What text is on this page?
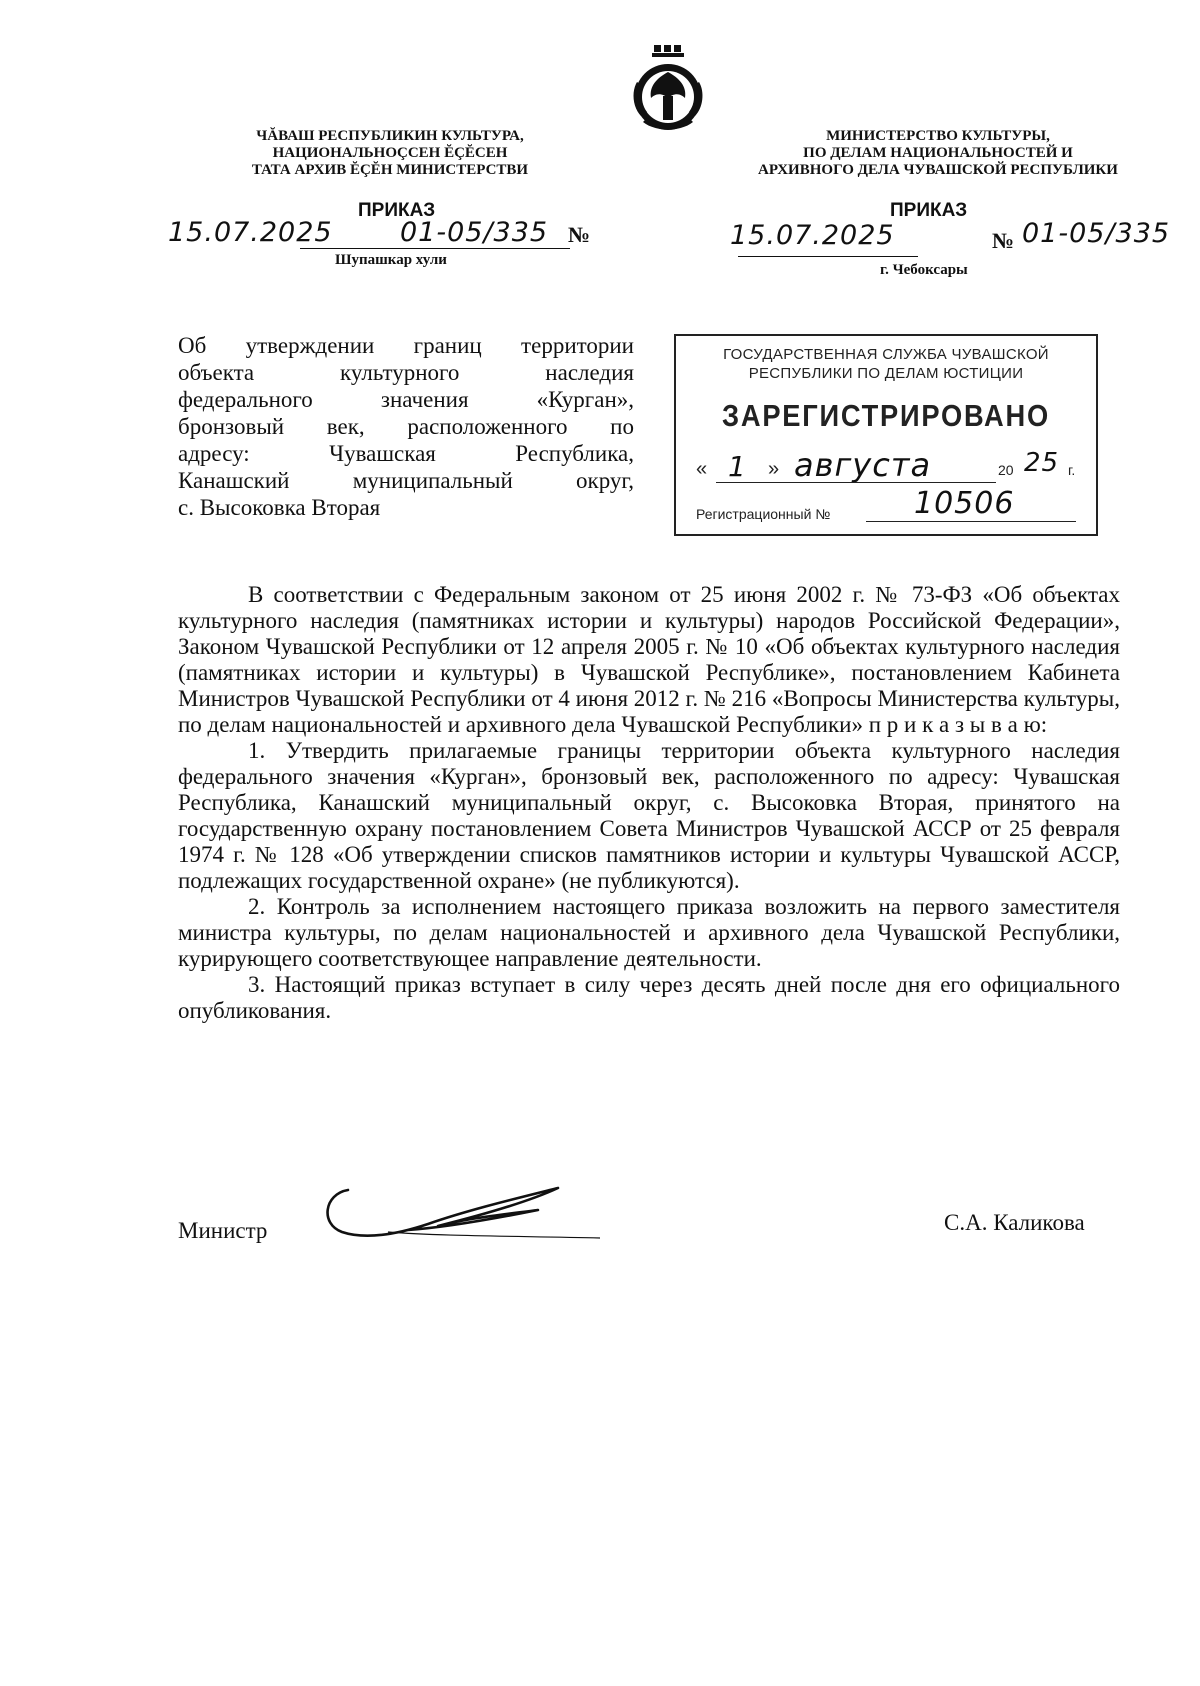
ЧĂВАШ РЕСПУБЛИКИН КУЛЬТУРА,
НАЦИОНАЛЬНОÇСЕН ĔÇĔСЕН
ТАТА АРХИВ ĔÇĔН МИНИСТЕРСТВИ
МИНИСТЕРСТВО КУЛЬТУРЫ,
ПО ДЕЛАМ НАЦИОНАЛЬНОСТЕЙ И
АРХИВНОГО ДЕЛА ЧУВАШСКОЙ РЕСПУБЛИКИ
ПРИКАЗ
15.07.2025 01-05/335 №
Шупашкар хули
ПРИКАЗ
15.07.2025	№ 01-05/335
г. Чебоксары
Об утверждении границ территории
объекта культурного наследия
федерального значения «Курган»,
бронзовый век, расположенного по
адресу: Чувашская Республика,
Канашский муниципальный округ,
с. Высоковка Вторая
ГОСУДАРСТВЕННАЯ СЛУЖБА ЧУВАШСКОЙ
РЕСПУБЛИКИ ПО ДЕЛАМ ЮСТИЦИИ
ЗАРЕГИСТРИРОВАНО
« 1 » августа	20 25 г.
Регистрационный №	10506

В соответствии с Федеральным законом от 25 июня 2002 г. № 73-ФЗ «Об объектах культурного наследия (памятниках истории и культуры) народов Российской Федерации», Законом Чувашской Республики от 12 апреля 2005 г. № 10 «Об объектах культурного наследия (памятниках истории и культуры) в Чувашской Республике», постановлением Кабинета Министров Чувашской Республики от 4 июня 2012 г. № 216 «Вопросы Министерства культуры, по делам национальностей и архивного дела Чувашской Республики» п р и к а з ы в а ю:

1. Утвердить прилагаемые границы территории объекта культурного наследия федерального значения «Курган», бронзовый век, расположенного по адресу: Чувашская Республика, Канашский муниципальный округ, с. Высоковка Вторая, принятого на государственную охрану постановлением Совета Министров Чувашской АССР от 25 февраля 1974 г. № 128 «Об утверждении списков памятников истории и культуры Чувашской АССР, подлежащих государственной охране» (не публикуются).

2. Контроль за исполнением настоящего приказа возложить на первого заместителя министра культуры, по делам национальностей и архивного дела Чувашской Республики, курирующего соответствующее направление деятельности.

3. Настоящий приказ вступает в силу через десять дней после дня его официального опубликования.

Министр	С.А. Каликова
